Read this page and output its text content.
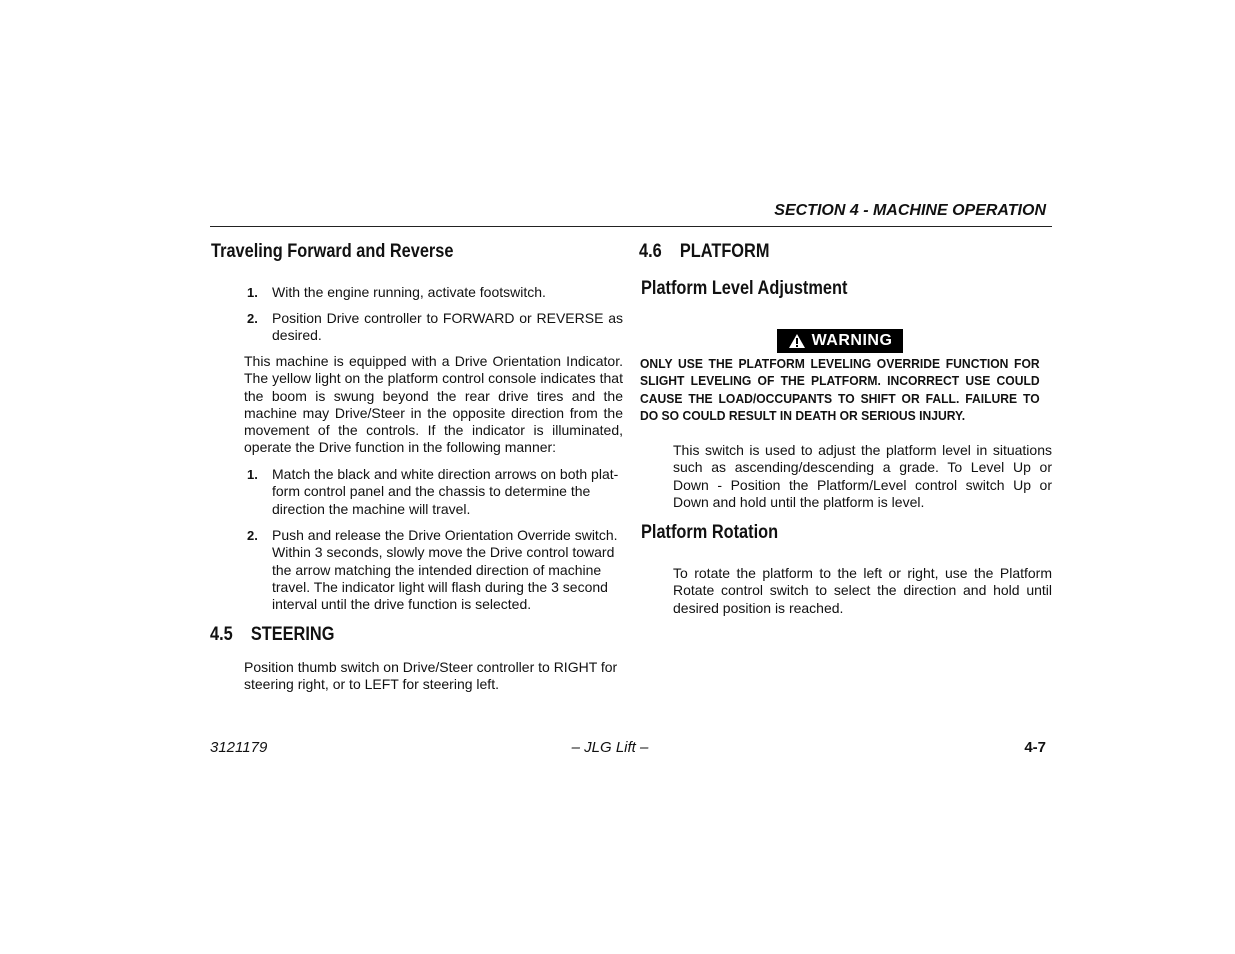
SECTION 4 - MACHINE OPERATION
Traveling Forward and Reverse
1. With the engine running, activate footswitch.
2. Position Drive controller to FORWARD or REVERSE as desired.
This machine is equipped with a Drive Orientation Indicator. The yellow light on the platform control console indicates that the boom is swung beyond the rear drive tires and the machine may Drive/Steer in the opposite direction from the movement of the controls. If the indicator is illuminated, operate the Drive function in the following manner:
1. Match the black and white direction arrows on both plat-form control panel and the chassis to determine the direction the machine will travel.
2. Push and release the Drive Orientation Override switch. Within 3 seconds, slowly move the Drive control toward the arrow matching the intended direction of machine travel. The indicator light will flash during the 3 second interval until the drive function is selected.
4.5    STEERING
Position thumb switch on Drive/Steer controller to RIGHT for steering right, or to LEFT for steering left.
4.6    PLATFORM
Platform Level Adjustment
WARNING
ONLY USE THE PLATFORM LEVELING OVERRIDE FUNCTION FOR SLIGHT LEVELING OF THE PLATFORM. INCORRECT USE COULD CAUSE THE LOAD/OCCUPANTS TO SHIFT OR FALL. FAILURE TO DO SO COULD RESULT IN DEATH OR SERIOUS INJURY.
This switch is used to adjust the platform level in situations such as ascending/descending a grade. To Level Up or Down - Position the Platform/Level control switch Up or Down and hold until the platform is level.
Platform Rotation
To rotate the platform to the left or right, use the Platform Rotate control switch to select the direction and hold until desired position is reached.
3121179	– JLG Lift –	4-7
